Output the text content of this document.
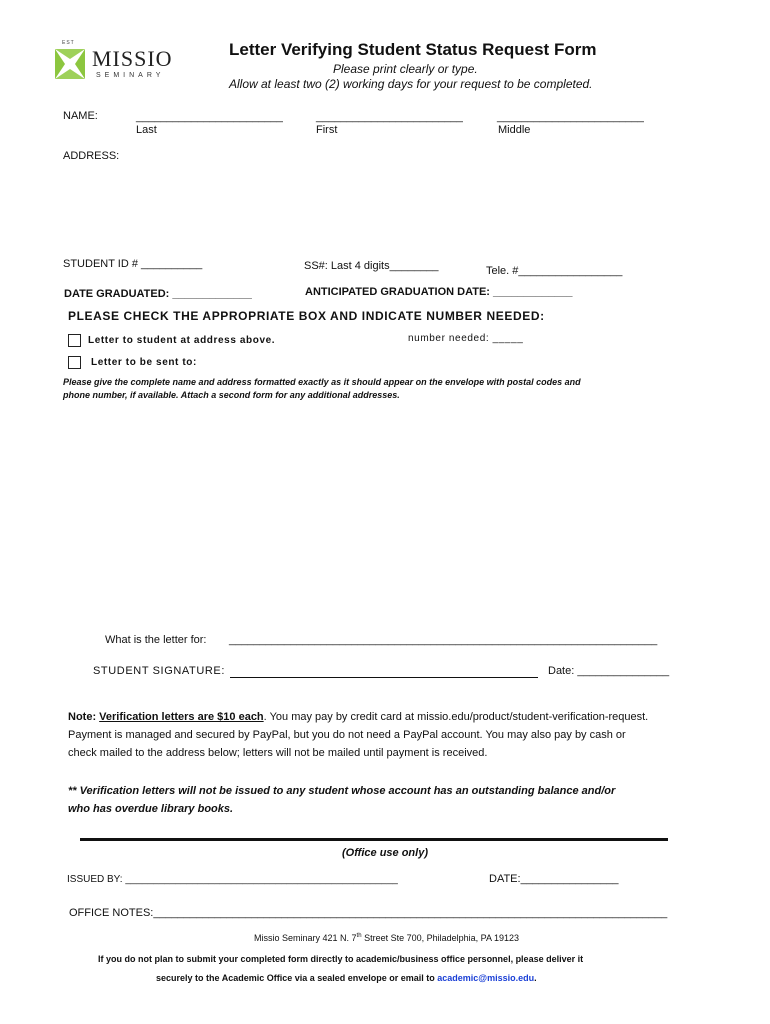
EST
MISSIO
SEMINARY
Letter Verifying Student Status Request Form
Please print clearly or type.
Allow at least two (2) working days for your request to be completed.
NAME:	________________________	________________________	________________________
Last	First	Middle
ADDRESS:
STUDENT ID # __________	SS#: Last 4 digits________	Tele. #_________________
DATE GRADUATED: _____________	ANTICIPATED GRADUATION DATE: _____________
PLEASE CHECK THE APPROPRIATE BOX AND INDICATE NUMBER NEEDED:
Letter to student at address above.	number needed: _____
Letter to be sent to:
Please give the complete name and address formatted exactly as it should appear on the envelope with postal codes and
phone number, if available. Attach a second form for any additional addresses.
What is the letter for: ______________________________________________________________________
STUDENT SIGNATURE:	Date: _______________
Note: Verification letters are $10 each. You may pay by credit card at missio.edu/product/student-verification-request.
Payment is managed and secured by PayPal, but you do not need a PayPal account. You may also pay by cash or
check mailed to the address below; letters will not be mailed until payment is received.
** Verification letters will not be issued to any student whose account has an outstanding balance and/or
who has overdue library books.
(Office use only)
ISSUED BY: _________________________________________________	DATE:________________
OFFICE NOTES:____________________________________________________________________________________
Missio Seminary 421 N. 7th Street Ste 700, Philadelphia, PA 19123
If you do not plan to submit your completed form directly to academic/business office personnel, please deliver it
securely to the Academic Office via a sealed envelope or email to academic@missio.edu.
